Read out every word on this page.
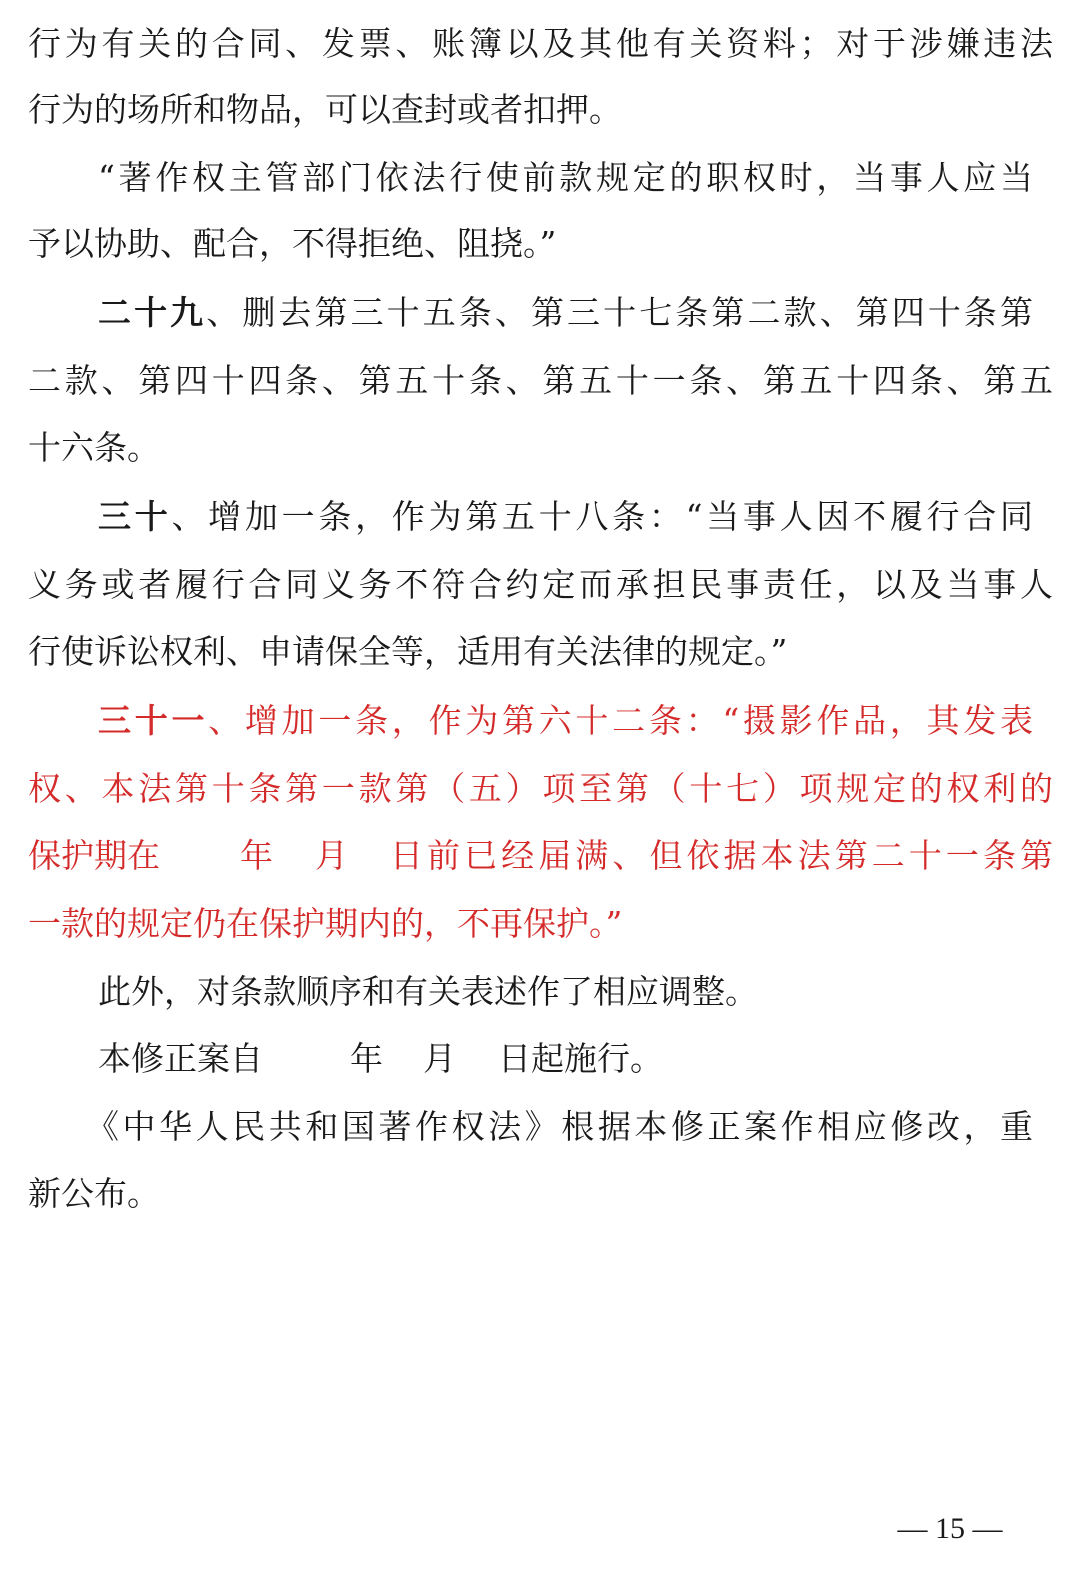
行为有关的合同、发票、账簿以及其他有关资料；对于涉嫌违法
行为的场所和物品，可以查封或者扣押。
“著作权主管部门依法行使前款规定的职权时，当事人应当
予以协助、配合，不得拒绝、阻挠。”
二十九、删去第三十五条、第三十七条第二款、第四十条第
二款、第四十四条、第五十条、第五十一条、第五十四条、第五
十六条。
三十、增加一条，作为第五十八条：“当事人因不履行合同
义务或者履行合同义务不符合约定而承担民事责任，以及当事人
行使诉讼权利、申请保全等，适用有关法律的规定。”
三十一、增加一条，作为第六十二条：“摄影作品，其发表
权、本法第十条第一款第（五）项至第（十七）项规定的权利的
保护期在 年 月 日前已经届满、但依据本法第二十一条第
一款的规定仍在保护期内的，不再保护。”
此外，对条款顺序和有关表述作了相应调整。
本修正案自	年 月 日起施行。
《中华人民共和国著作权法》根据本修正案作相应修改，重
新公布。
— 15 —
